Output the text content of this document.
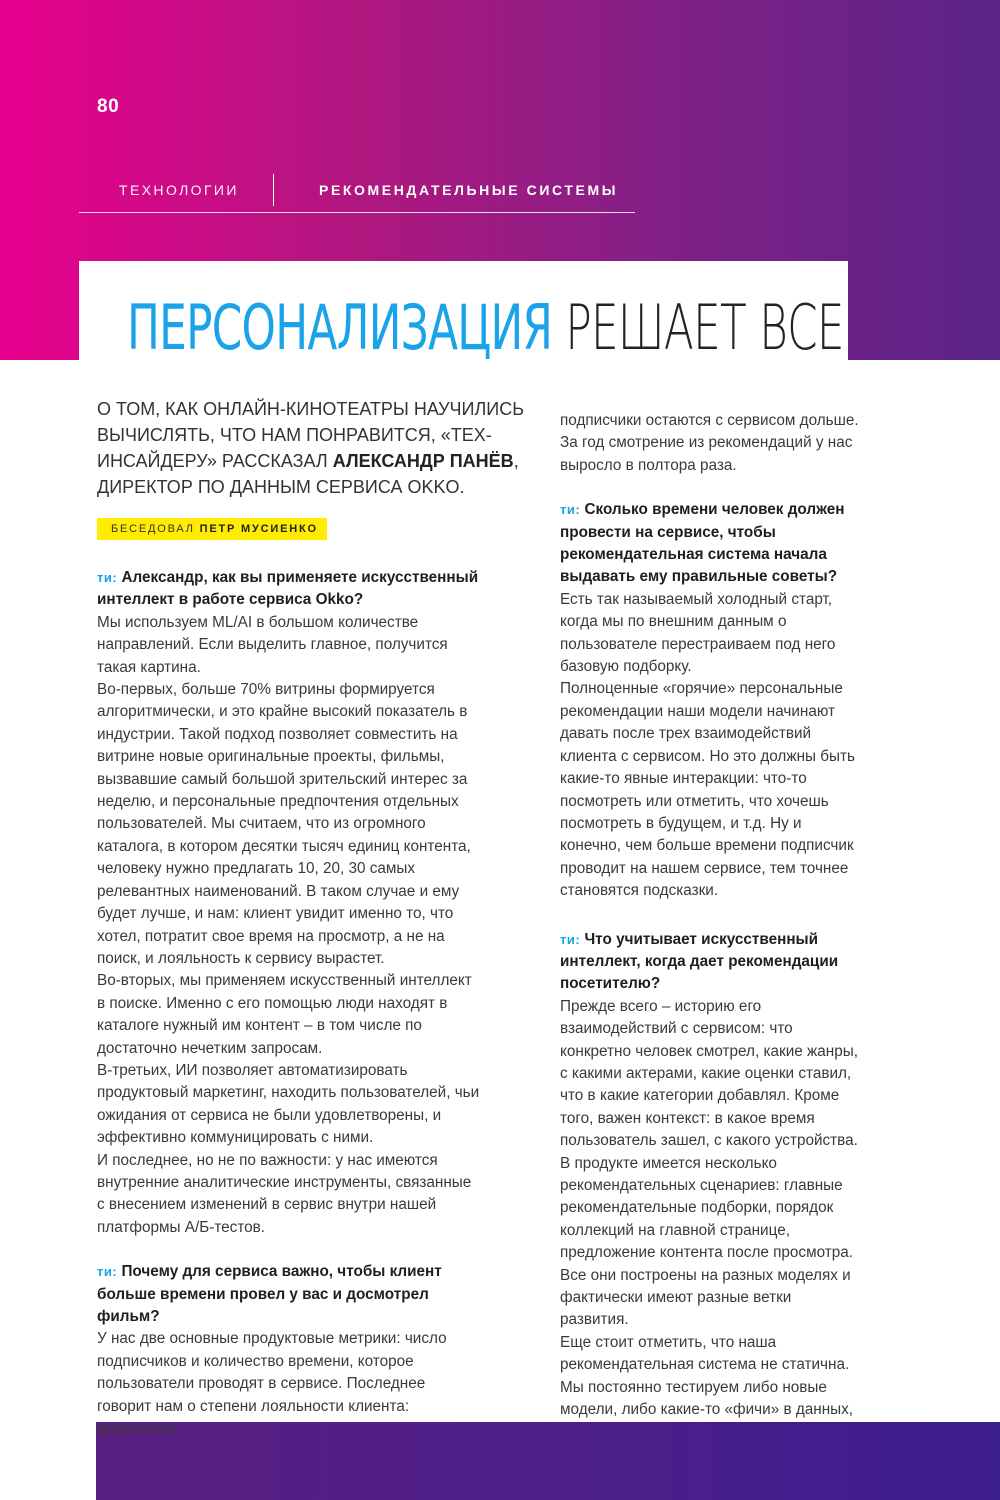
80
ТЕХНОЛОГИИ	РЕКОМЕНДАТЕЛЬНЫЕ СИСТЕМЫ
ПЕРСОНАЛИЗАЦИЯ РЕШАЕТ ВСЕ

О ТОМ, КАК ОНЛАЙН-КИНОТЕАТРЫ НАУЧИЛИСЬ ВЫЧИСЛЯТЬ, ЧТО НАМ ПОНРАВИТСЯ, «ТЕХ-ИНСАЙДЕРУ» РАССКАЗАЛ АЛЕКСАНДР ПАНЁВ, ДИРЕКТОР ПО ДАННЫМ СЕРВИСА OKKO.

БЕСЕДОВАЛ ПЕТР МУСИЕНКО

ти: Александр, как вы применяете искусственный интеллект в работе сервиса Okko?

Мы используем ML/AI в большом количестве направлений. Если выделить главное, получится такая картина.

Во-первых, больше 70% витрины формируется алгоритмически, и это крайне высокий показатель в индустрии. Такой подход позволяет совместить на витрине новые оригинальные проекты, фильмы, вызвавшие самый большой зрительский интерес за неделю, и персональные предпочтения отдельных пользователей. Мы считаем, что из огромного каталога, в котором десятки тысяч единиц контента, человеку нужно предлагать 10, 20, 30 самых релевантных наименований. В таком случае и ему будет лучше, и нам: клиент увидит именно то, что хотел, потратит свое время на просмотр, а не на поиск, и лояльность к сервису вырастет.

Во-вторых, мы применяем искусственный интеллект в поиске. Именно с его помощью люди находят в каталоге нужный им контент – в том числе по достаточно нечетким запросам.

В-третьих, ИИ позволяет автоматизировать продуктовый маркетинг, находить пользователей, чьи ожидания от сервиса не были удовлетворены, и эффективно коммуницировать с ними.

И последнее, но не по важности: у нас имеются внутренние аналитические инструменты, связанные с внесением изменений в сервис внутри нашей платформы А/Б-тестов.

ти: Почему для сервиса важно, чтобы клиент больше времени провел у вас и досмотрел фильм?

У нас две основные продуктовые метрики: число подписчиков и количество времени, которое пользователи проводят в сервисе. Последнее говорит нам о степени лояльности клиента: довольные

подписчики остаются с сервисом дольше. За год смотрение из рекомендаций у нас выросло в полтора раза.

ти: Сколько времени человек должен провести на сервисе, чтобы рекомендательная система начала выдавать ему правильные советы?

Есть так называемый холодный старт, когда мы по внешним данным о пользователе перестраиваем под него базовую подборку.

Полноценные «горячие» персональные рекомендации наши модели начинают давать после трех взаимодействий клиента с сервисом. Но это должны быть какие-то явные интеракции: что-то посмотреть или отметить, что хочешь посмотреть в будущем, и т.д. Ну и конечно, чем больше времени подписчик проводит на нашем сервисе, тем точнее становятся подсказки.

ти: Что учитывает искусственный интеллект, когда дает рекомендации посетителю?

Прежде всего – историю его взаимодействий с сервисом: что конкретно человек смотрел, какие жанры, с какими актерами, какие оценки ставил, что в какие категории добавлял. Кроме того, важен контекст: в какое время пользователь зашел, с какого устройства.

В продукте имеется несколько рекомендательных сценариев: главные рекомендательные подборки, порядок коллекций на главной странице, предложение контента после просмотра. Все они построены на разных моделях и фактически имеют разные ветки развития.

Еще стоит отметить, что наша рекомендательная система не статична.

Мы постоянно тестируем либо новые модели, либо какие-то «фичи» в данных,
